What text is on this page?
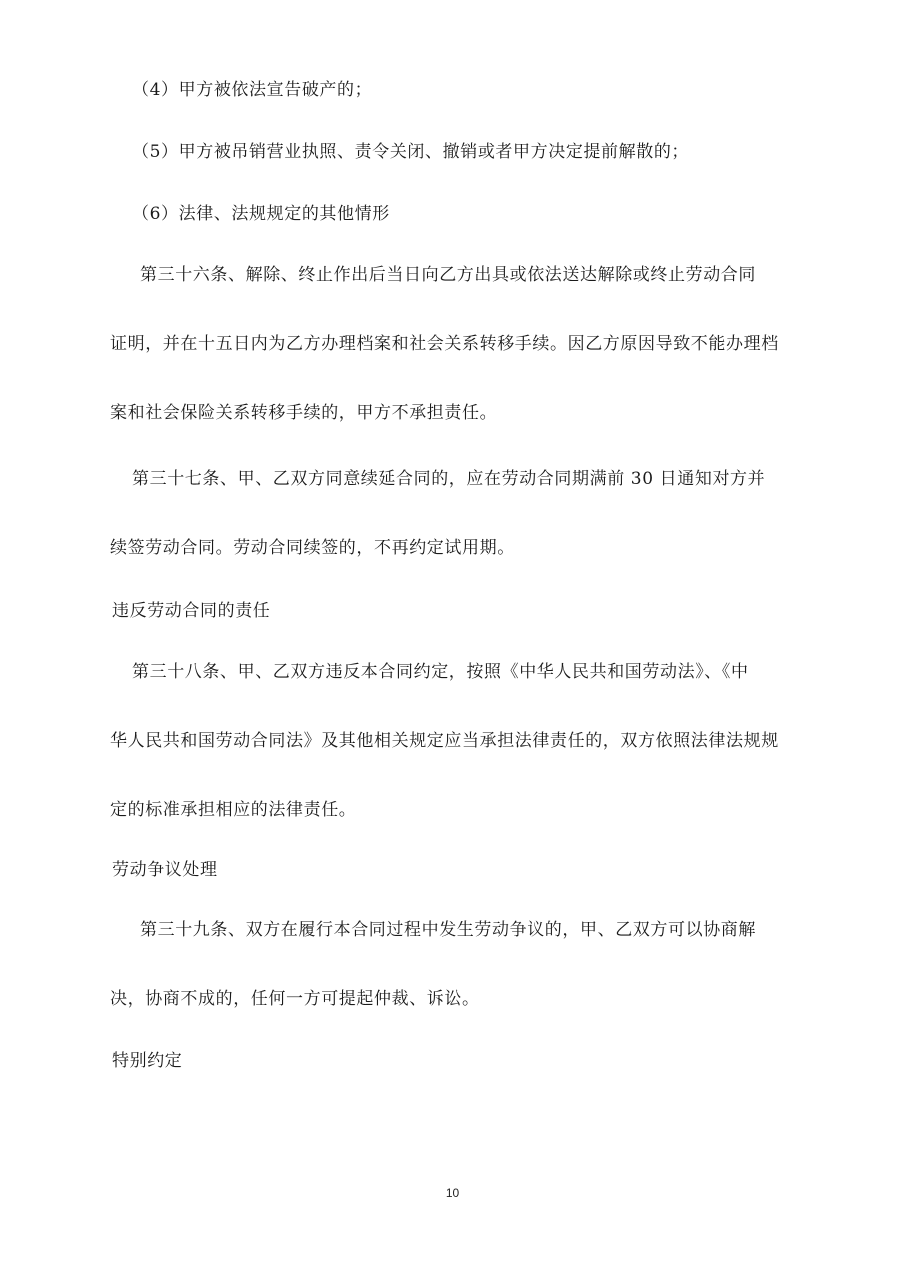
（4）甲方被依法宣告破产的；
（5）甲方被吊销营业执照、责令关闭、撤销或者甲方决定提前解散的；
（6）法律、法规规定的其他情形
第三十六条、解除、终止作出后当日向乙方出具或依法送达解除或终止劳动合同
证明，并在十五日内为乙方办理档案和社会关系转移手续。因乙方原因导致不能办理档
案和社会保险关系转移手续的，甲方不承担责任。
第三十七条、甲、乙双方同意续延合同的，应在劳动合同期满前 30 日通知对方并
续签劳动合同。劳动合同续签的，不再约定试用期。
违反劳动合同的责任
第三十八条、甲、乙双方违反本合同约定，按照《中华人民共和国劳动法》、《中
华人民共和国劳动合同法》及其他相关规定应当承担法律责任的，双方依照法律法规规
定的标准承担相应的法律责任。
劳动争议处理
第三十九条、双方在履行本合同过程中发生劳动争议的，甲、乙双方可以协商解
决，协商不成的，任何一方可提起仲裁、诉讼。
特别约定
10
